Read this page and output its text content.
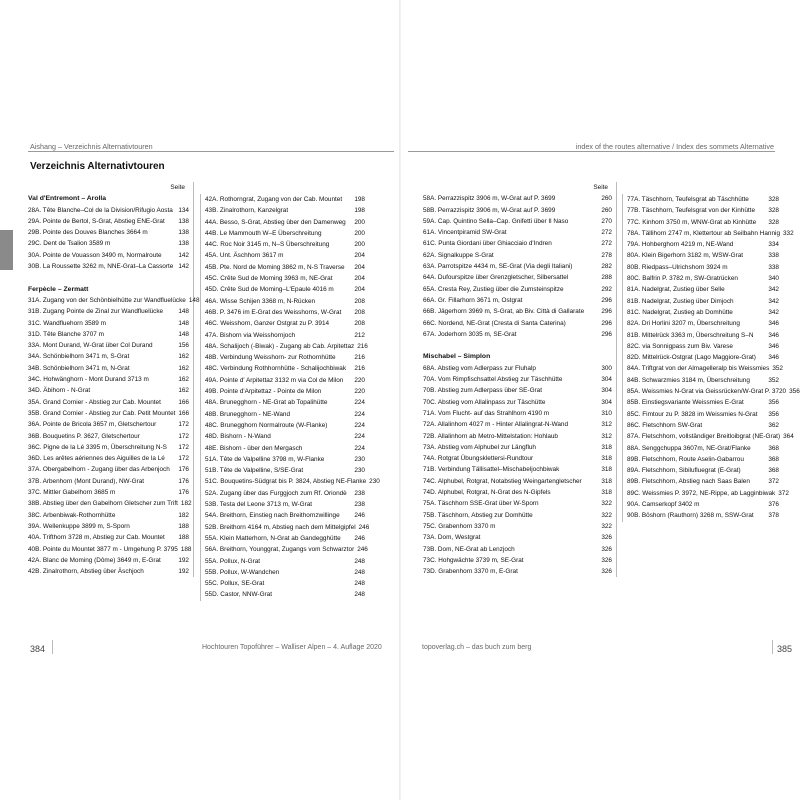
Aishang – Verzeichnis Alternativtouren	index of the routes alternative / Index des sommets Alternative
Verzeichnis Alternativtouren
Seite
Val d'Entremont – Arolla
28A. Tête Blanche–Col de la Division/Rifugio Aosta 134
29A. Pointe de Bertol, S-Grat, Abstieg ENE-Grat	138
29B. Pointe des Douves Blanches 3664 m	138
29C. Dent de Tsalion 3589 m	138
30A. Pointe de Vouasson 3490 m, Normalroute	142
30B. La Roussette 3262 m, NNE-Grat–La Cassorte 142
Ferpècle – Zermatt
31A. Zugang von der Schönbielhütte zur Wandfluelücke 148
31B. Zugang Pointe de Zinal zur Wandfluelücke	148
31C. Wandfluehorn 3589 m	148
31D. Tête Blanche 3707 m	148
33A. Mont Durand, W-Grat über Col Durand	156
34A. Schönbielhorn 3471 m, S-Grat	162
34B. Schönbielhorn 3471 m, N-Grat	162
34C. Hohwänghorn - Mont Durand 3713 m	162
34D. Äbihorn - N-Grat	162
35A. Grand Cornier - Abstieg zur Cab. Mountet	166
35B. Grand Cornier - Abstieg zur Cab. Petit Mountet 166
36A. Pointe de Bricola 3657 m, Gletschertour	172
36B. Bouquetins P. 3627, Gletschertour	172
36C. Pigne de la Lé 3395 m, Überschreitung N-S	172
36D. Les arêtes aériennes des Aiguilles de la Lé	172
37A. Obergabelhorn - Zugang über das Arbenjoch	176
37B. Arbenhorn (Mont Durand), NW-Grat	176
37C. Mittler Gabelhorn 3685 m	176
38B. Abstieg über den Gabelhorn Gletscher zum Trift 182
38C. Arbenbiwak-Rothornhütte	182
39A. Wellenkuppe 3899 m, S-Sporn	188
40A. Trifthorn 3728 m, Abstieg zur Cab. Mountet	188
40B. Pointe du Mountet 3877 m - Umgehung P. 3795 188
42A. Blanc de Moming (Dôme) 3649 m, E-Grat	192
42B. Zinalrothorn, Abstieg über Äschjoch	192
42A. Rothorngrat, Zugang von der Cab. Mountet	198
43B. Zinalrothorn, Kanzelgrat	198
44A. Besso, S-Grat, Abstieg über den Damenweg	200
44B. Le Mammouth W–E Überschreitung	200
44C. Roc Noir 3145 m, N–S Überschreitung	200
45A. Unt. Äschhorn 3617 m	204
45B. Pte. Nord de Moming 3862 m, N-S Traverse	204
45C. Crête Sud de Moming 3963 m, NE-Grat	204
45D. Crête Sud de Moming–L'Epaule 4016 m	204
46A. Wisse Schijen 3368 m, N-Rücken	208
46B. P. 3476 im E-Grat des Weisshorns, W-Grat	208
46C. Weisshorn, Ganzer Ostgrat zu P. 3914	208
47A. Bishorn via Weisshornjoch	212
48A. Schalijoch (-Biwak) - Zugang ab Cab. Arpitettaz 216
48B. Verbindung Weisshorn- zur Rothornhütte	216
48C. Verbindung Rothhornhütte - Schalijochbiwak	216
49A. Pointe d' Arpitettaz 3132 m via Col de Milon	220
49B. Pointe d'Arpitettaz - Pointe de Milon	220
48A. Brunegghorn - NE-Grat ab Topalihütte	224
48B. Brunegghorn - NE-Wand	224
48C. Brunegghorn Normalroute (W-Flanke)	224
48D. Bishorn - N-Wand	224
48E. Bishorn - über den Mergasch	224
51A. Tête de Valpelline 3798 m, W-Flanke	230
51B. Tête de Valpelline, S/SE-Grat	230
51C. Bouquetins-Südgrat bis P. 3824, Abstieg NE-Flanke 230
52A. Zugang über das Furggjoch zum Rf. Oriondè	238
53B. Testa del Leone 3713 m, W-Grat	238
54A. Breithorn, Einstieg nach Breithornzwillinge	246
52B. Breithorn 4164 m, Abstieg nach dem Mittelgipfel 246
55A. Klein Matterhorn, N-Grat ab Gandegghütte	246
56A. Breithorn, Younggrat, Zugangs vom Schwarztor 246
55A. Pollux, N-Grat	248
55B. Pollux, W-Wandchen	248
55C. Pollux, SE-Grat	248
55D. Castor, NNW-Grat	248
Seite
58A. Perrazzispitz 3906 m, W-Grat auf P. 3699	260
58B. Perrazzispitz 3906 m, W-Grat auf P. 3699	260
59A. Cap. Quintino Sella–Cap. Gnifetti über Il Naso	270
61A. Vincentpiramid SW-Grat	272
61C. Punta Giordani über Ghiacciaio d'Indren	272
62A. Signalkuppe S-Grat	278
63A. Parrotspitze 4434 m, SE-Grat (Via degli Italiani)	282
64A. Dufourspitze über Grenzgletscher, Silbersattel	288
65A. Cresta Rey, Zustieg über die Zumsteinspitze	292
66A. Gr. Fillarhorn 3671 m, Ostgrat	296
66B. Jägerhorn 3969 m, S-Grat, ab Biv. Città di Gallarate	296
66C. Nordend, NE-Grat (Cresta di Santa Caterina)	296
67A. Joderhorn 3035 m, SE-Grat	296
Mischabel – Simplon
68A. Abstieg vom Adlerpass zur Fluhalp	300
70A. Vom Rimpfischsattel Abstieg zur Täschhütte	304
70B. Abstieg zum Adlerpass über SE-Grat	304
70C. Abstieg vom Allalinpass zur Täschütte	304
71A. Vom Flucht- auf das Strahlhorn 4190 m	310
72A. Allalinhorn 4027 m - Hinter Allalingrat-N-Wand	312
72B. Allalinhorn ab Metro-Mittelstation: Hohlaub	312
73A. Abstieg vom Alphubel zur Längfluh	318
74A. Rotgrat Übungsklettersi-Rundtour	318
71B. Verbindung Tällisattel–Mischabeljochbiwak	318
74C. Alphubel, Rotgrat, Notabstieg Weingartengletscher	318
74D. Alphubel, Rotgrat, N-Grat des N-Gipfels	318
75A. Täschhorn SSE-Grat über W-Sporn	322
75B. Täschhorn, Abstieg zur Domhütte	322
75C. Grabenhorn 3370 m	322
73A. Dom, Westgrat	326
73B. Dom, NE-Grat ab Lenzjoch	326
73C. Hohgwächte 3739 m, SE-Grat	326
73D. Grabenhorn 3370 m, E-Grat	326
77A. Täschhorn, Teufelsgrat ab Täschhütte	328
77B. Täschhorn, Teufelsgrat von der Kinhütte	328
77C. Kinhorn 3750 m, WNW-Grat ab Kinhütte	328
78A. Tällihorn 2747 m, Klettertour ab Seilbahn Hannig 332
79A. Hohberghorn 4219 m, NE-Wand	334
80A. Klein Bigerhorn 3182 m, WSW-Grat	338
80B. Riedpass–Ulrichshorn 3924 m	338
80C. Balfrin P. 3782 m, SW-Gratrücken	340
81A. Nadelgrat, Zustieg über Selle	342
81B. Nadelgrat, Zustieg über Dimjoch	342
81C. Nadelgrat, Zustieg ab Domhütte	342
82A. Dri Horlini 3207 m, Überschreitung	346
81B. Mittelrück 3363 m, Überschreitung S–N	346
82C. via Sonnigpass zum Biv. Varese	346
82D. Mittelrück-Ostgrat (Lago Maggiore-Grat)	346
84A. Triftgrat von der Almagelleralp bis Weissmies 352
84B. Schwarzmies 3184 m, Überschreitung	352
85A. Weissmies N-Grat via Geissrücken/W-Grat P. 3720 356
85B. Einstiegsvariante Weissmies E-Grat	356
85C. Fimtour zu P. 3828 im Weissmies N-Grat	356
86C. Fletschhorn SW-Grat	362
87A. Fletschhorn, vollständiger Breitloibgrat (NE-Grat) 364
88A. Senggchuppa 3607m, NE-Grat/Flanke	368
89B. Fletschhorn, Route Aselin-Gabarrou	368
89A. Fletschhorn, Sibilufluegrat (E-Grat)	368
89B. Fletschhorn, Abstieg nach Saas Balen	372
89C. Weissmies P. 3972, NE-Rippe, ab Lagginbiwak 372
90A. Camserkopf 3402 m	376
90B. Böshorn (Rauthorn) 3268 m, SSW-Grat	378
384	Hochtouren Topoführer – Walliser Alpen – 4. Auflage 2020	topoverlag.ch – das buch zum berg	385
